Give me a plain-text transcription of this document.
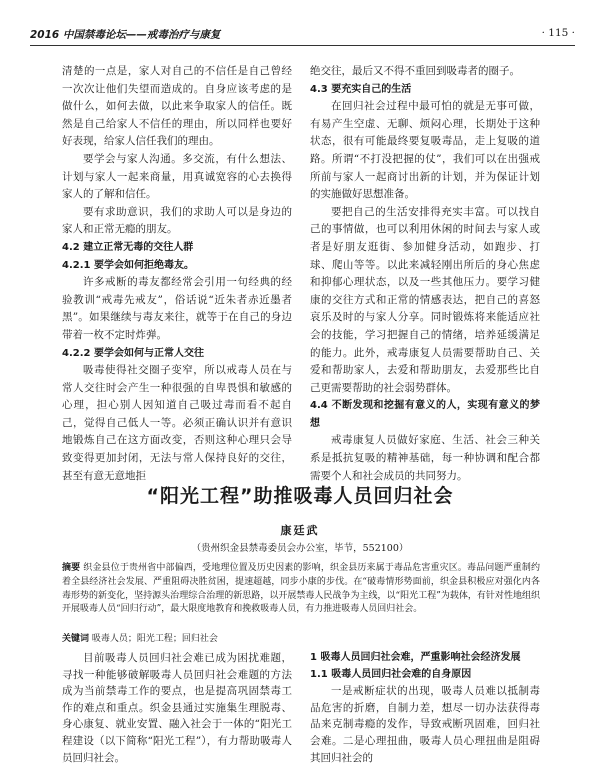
2016 中国禁毒论坛——戒毒治疗与康复	· 115 ·

清楚的一点是，家人对自己的不信任是自己曾经一次次让他们失望而造成的。自身应该考虑的是做什么，如何去做，以此来争取家人的信任。既然是自己给家人不信任的理由，所以同样也要好好表现，给家人信任我们的理由。

要学会与家人沟通。多交流，有什么想法、计划与家人一起来商量，用真诚宽容的心去换得家人的了解和信任。

要有求助意识，我们的求助人可以是身边的家人和正常无瘾的朋友。

4.2 建立正常无毒的交往人群

4.2.1 要学会如何拒绝毒友。

许多戒断的毒友都经常会引用一句经典的经验教训“戒毒先戒友”，俗话说“近朱者赤近墨者黑”。如果继续与毒友来往，就等于在自己的身边带着一枚不定时炸弹。

4.2.2 要学会如何与正常人交往

吸毒使得社交圈子变窄，所以戒毒人员在与常人交往时会产生一种很强的自卑畏惧和敏感的心理，担心别人因知道自己吸过毒而看不起自己，觉得自己低人一等。必须正确认识并有意识地锻炼自己在这方面改变，否则这种心理只会导致变得更加封闭，无法与常人保持良好的交往，甚至有意无意地拒

绝交往，最后又不得不重回到吸毒者的圈子。

4.3 要充实自己的生活

在回归社会过程中最可怕的就是无事可做，有易产生空虚、无聊、烦闷心理，长期处于这种状态，很有可能最终要复吸毒品，走上复吸的道路。所谓“不打没把握的仗”，我们可以在出强戒所前与家人一起商讨出新的计划，并为保证计划的实施做好思想准备。

要把自己的生活安排得充实丰富。可以找自己的事情做，也可以利用休闲的时间去与家人或者是好朋友逛街、参加健身活动，如跑步、打球、爬山等等。以此来减轻刚出所后的身心焦虑和抑郁心理状态，以及一些其他压力。要学习健康的交往方式和正常的情感表达，把自己的喜怒哀乐及时的与家人分享。同时锻炼将来能适应社会的技能，学习把握自己的情绪，培养延缓满足的能力。此外，戒毒康复人员需要帮助自己、关爱和帮助家人，去爱和帮助朋友，去爱那些比自己更需要帮助的社会弱势群体。

4.4 不断发现和挖掘有意义的人，实现有意义的梦想

戒毒康复人员做好家庭、生活、社会三种关系是抵抗复吸的精神基础，每一种协调和配合都需要个人和社会成员的共同努力。

“阳光工程”助推吸毒人员回归社会
康廷武
（贵州织金县禁毒委员会办公室，毕节，552100）
摘要 织金县位于贵州省中部偏西，受地理位置及历史因素的影响，织金县历来属于毒品危害重灾区。毒品问题严重制约着全县经济社会发展、严重阻碍决胜贫困，提速超越，同步小康的步伐。在“破毒情形势面前，织金县积极应对强化内各毒形势的新变化，坚持源头治理综合治理的新思路，以开展禁毒人民战争为主线，以“阳光工程”为载体，有针对性地组织开展吸毒人员“回归行动”，最大限度地教育和挽救吸毒人员，有力推进吸毒人员回归社会。
关键词 吸毒人员；阳光工程；回归社会

目前吸毒人员回归社会难已成为困扰难题，寻找一种能够破解吸毒人员回归社会难题的方法成为当前禁毒工作的要点，也是提高巩固禁毒工作的难点和重点。织金县通过实施集生理脱毒、身心康复、就业安置、融入社会于一体的“阳光工程建设（以下简称“阳光工程”），有力帮助吸毒人员回归社会。

1 吸毒人员回归社会难，严重影响社会经济发展

1.1 吸毒人员回归社会难的自身原因

一是戒断症状的出现，吸毒人员难以抵制毒品危害的折磨，自制力差，想尽一切办法获得毒品来克制毒瘾的发作，导致戒断巩固难，回归社会难。二是心理扭曲，吸毒人员心理扭曲是阻碍其回归社会的
